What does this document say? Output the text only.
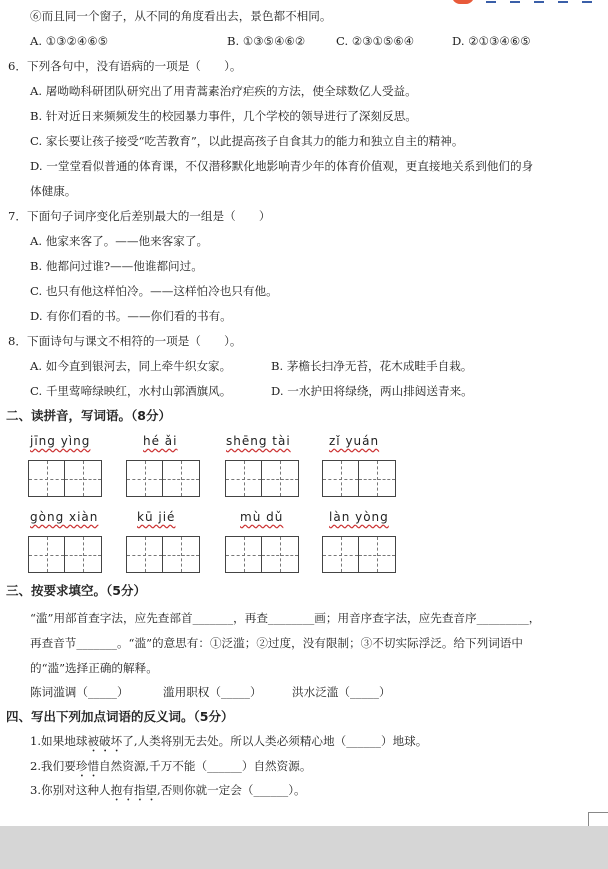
⑥而且同一个窗子，从不同的角度看出去，景色都不相同。
A. ①③②④⑥⑤	B. ①③⑤④⑥②	C. ②③①⑤⑥④	D. ②①③④⑥⑤
6．下列各句中，没有语病的一项是（　　）。
A. 屠呦呦科研团队研究出了用青蒿素治疗疟疾的方法，使全球数亿人受益。
B. 针对近日来频频发生的校园暴力事件，几个学校的领导进行了深刻反思。
C. 家长要让孩子接受“吃苦教育”，以此提高孩子自食其力的能力和独立自主的精神。
D. 一堂堂看似普通的体育课，不仅潜移默化地影响青少年的体育价值观，更直接地关系到他们的身
体健康。
7．下面句子词序变化后差别最大的一组是（　　）
A. 他家来客了。——他来客家了。
B. 他都问过谁?——他谁都问过。
C. 也只有他这样怕冷。——这样怕冷也只有他。
D. 有你们看的书。——你们看的书有。
8．下面诗句与课文不相符的一项是（　　）。
A. 如今直到银河去，同上牵牛织女家。	B. 茅檐长扫净无苔，花木成畦手自栽。
C. 千里莺啼绿映红，水村山郭酒旗风。	D. 一水护田将绿绕，两山排闼送青来。
二、读拼音，写词语。（8分）
jīng yìng	hé ǎi	shēng tài	zǐ yuán
gòng xiàn	kū jié	mù dǔ	làn yòng
三、按要求填空。（5分）
“滥”用部首查字法，应先查部首_______，再查________画；用音序查字法，应先查音序_________，
再查音节_______。“滥”的意思有：①泛滥；②过度，没有限制；③不切实际浮泛。给下列词语中
的“滥”选择正确的解释。
陈词滥调（_____）	滥用职权（_____）	洪水泛滥（_____）
四、写出下列加点词语的反义词。（5分）
1.如果地球被破坏了,人类将别无去处。所以人类必须精心地（______）地球。
2.我们要珍惜自然资源,千万不能（______）自然资源。
3.你别对这种人抱有指望,否则你就一定会（______）。
